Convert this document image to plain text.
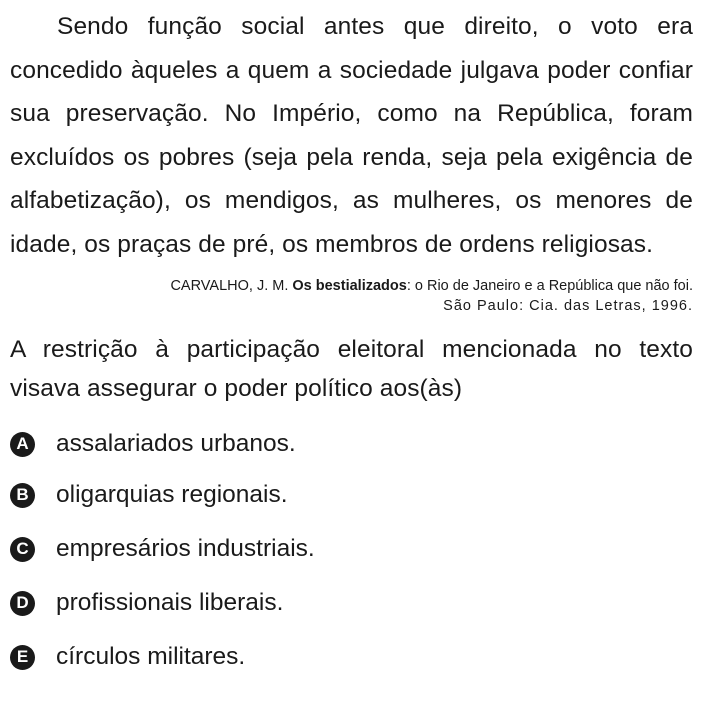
Sendo função social antes que direito, o voto era concedido àqueles a quem a sociedade julgava poder confiar sua preservação. No Império, como na República, foram excluídos os pobres (seja pela renda, seja pela exigência de alfabetização), os mendigos, as mulheres, os menores de idade, os praças de pré, os membros de ordens religiosas.

CARVALHO, J. M. Os bestializados: o Rio de Janeiro e a República que não foi.
São Paulo: Cia. das Letras, 1996.

A restrição à participação eleitoral mencionada no texto visava assegurar o poder político aos(às)

A assalariados urbanos.
B oligarquias regionais.
C empresários industriais.
D profissionais liberais.
E círculos militares.
